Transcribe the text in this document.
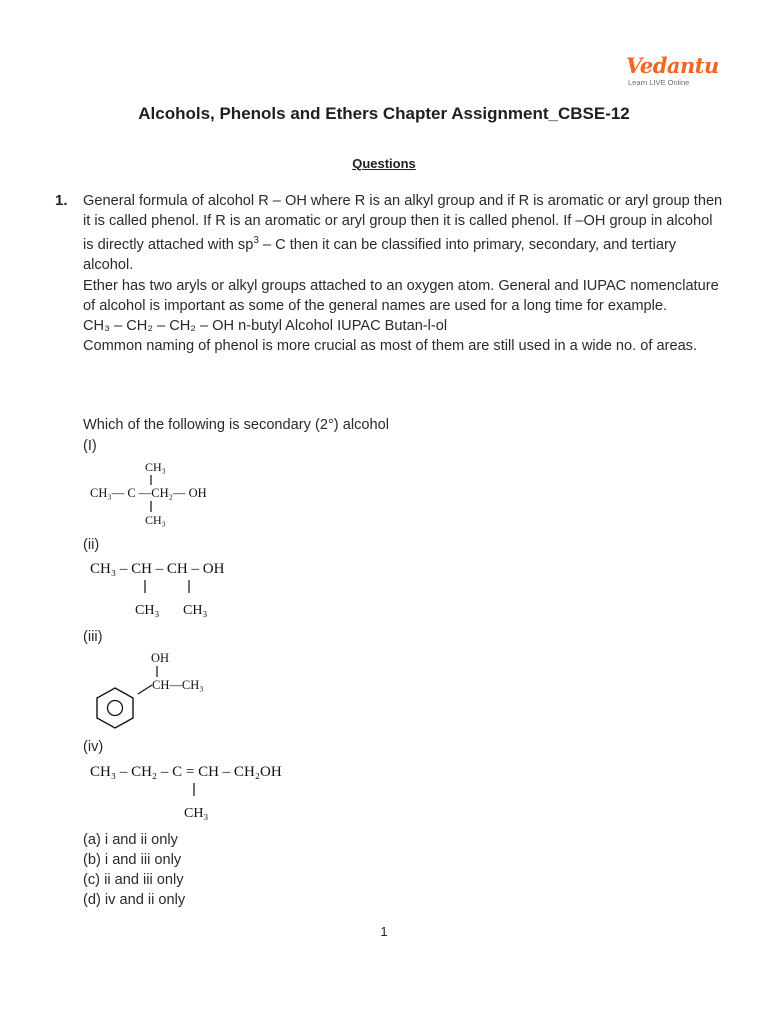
Vedantu
Learn LIVE Online
Alcohols, Phenols and Ethers Chapter Assignment_CBSE-12
Questions
1. General formula of alcohol R – OH where R is an alkyl group and if R is aromatic or aryl group then it is called phenol. If R is an aromatic or aryl group then it is called phenol. If –OH group in alcohol is directly attached with $sp^3$ – C then it can be classified into primary, secondary, and tertiary alcohol.

Ether has two aryls or alkyl groups attached to an oxygen atom. General and IUPAC nomenclature of alcohol is important as some of the general names are used for a long time for example.

CH₃ – CH₂ – CH₂ – OH n-butyl Alcohol IUPAC Butan-l-ol

Common naming of phenol is more crucial as most of them are still used in a wide no. of areas.

Which of the following is secondary (2°) alcohol
(I)
CH₃
CH₃— C —CH₂— OH
CH₃
(ii)
CH₃ – CH – CH – OH
CH₃ CH₃
(iii)
OH
CH—CH₃
(iv)
CH₃ – CH₂ – C = CH – CH₂OH
CH₃
(a) i and ii only
(b) i and iii only
(c) ii and iii only
(d) iv and ii only
1
